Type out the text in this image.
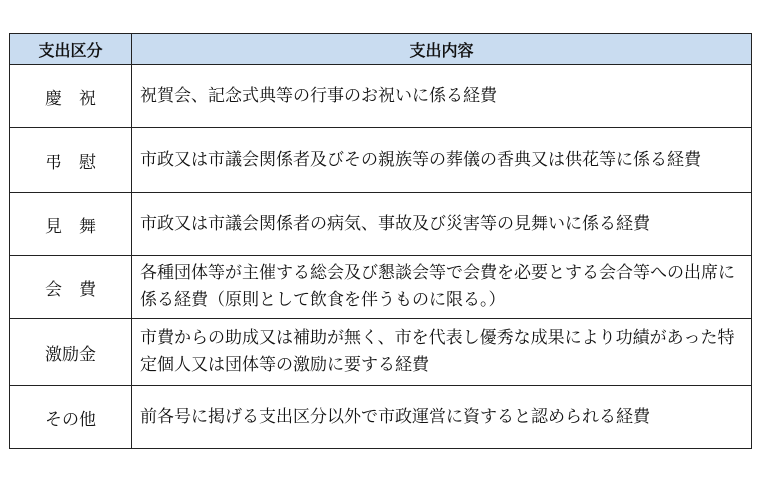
支出区分	支出内容
慶　祝	祝賀会、記念式典等の行事のお祝いに係る経費
弔　慰	市政又は市議会関係者及びその親族等の葬儀の香典又は供花等に係る経費
見　舞	市政又は市議会関係者の病気、事故及び災害等の見舞いに係る経費
会　費	各種団体等が主催する総会及び懇談会等で会費を必要とする会合等への出席に係る経費（原則として飲食を伴うものに限る。）
激励金	市費からの助成又は補助が無く、市を代表し優秀な成果により功績があった特定個人又は団体等の激励に要する経費
その他	前各号に掲げる支出区分以外で市政運営に資すると認められる経費
